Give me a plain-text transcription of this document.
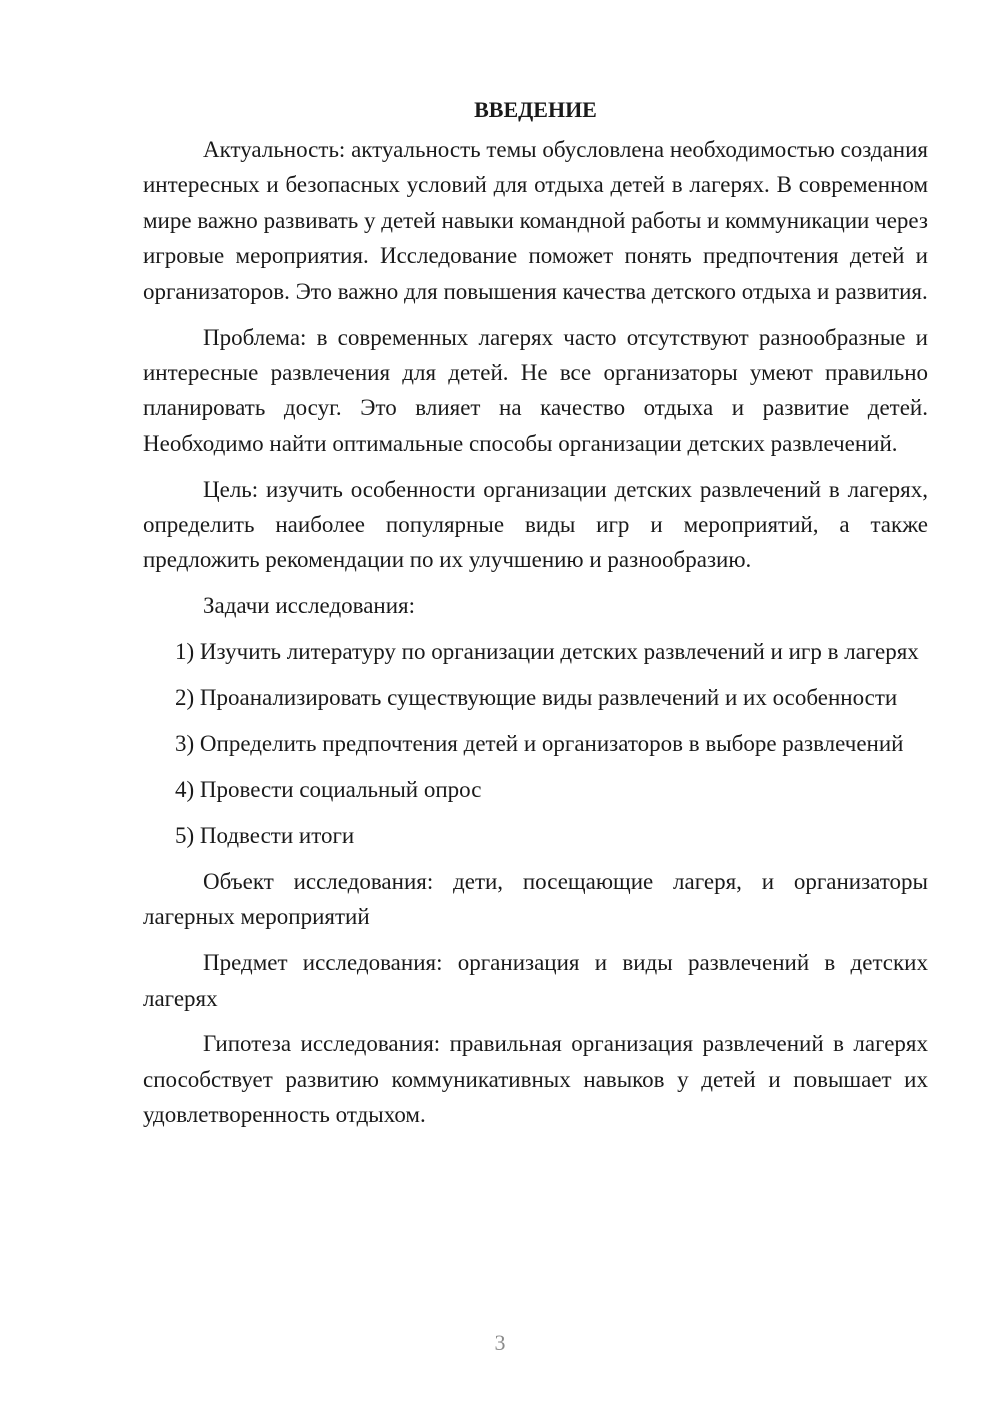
ВВЕДЕНИЕ

Актуальность: актуальность темы обусловлена необходимостью создания интересных и безопасных условий для отдыха детей в лагерях. В современном мире важно развивать у детей навыки командной работы и коммуникации через игровые мероприятия. Исследование поможет понять предпочтения детей и организаторов. Это важно для повышения качества детского отдыха и развития.

Проблема: в современных лагерях часто отсутствуют разнообразные и интересные развлечения для детей. Не все организаторы умеют правильно планировать досуг. Это влияет на качество отдыха и развитие детей. Необходимо найти оптимальные способы организации детских развлечений.

Цель: изучить особенности организации детских развлечений в лагерях, определить наиболее популярные виды игр и мероприятий, а также предложить рекомендации по их улучшению и разнообразию.

Задачи исследования:

1) Изучить литературу по организации детских развлечений и игр в лагерях

2) Проанализировать существующие виды развлечений и их особенности

3) Определить предпочтения детей и организаторов в выборе развлечений

4) Провести социальный опрос

5) Подвести итоги

Объект исследования: дети, посещающие лагеря, и организаторы лагерных мероприятий

Предмет исследования: организация и виды развлечений в детских лагерях

Гипотеза исследования: правильная организация развлечений в лагерях способствует развитию коммуникативных навыков у детей и повышает их удовлетворенность отдыхом.

3
